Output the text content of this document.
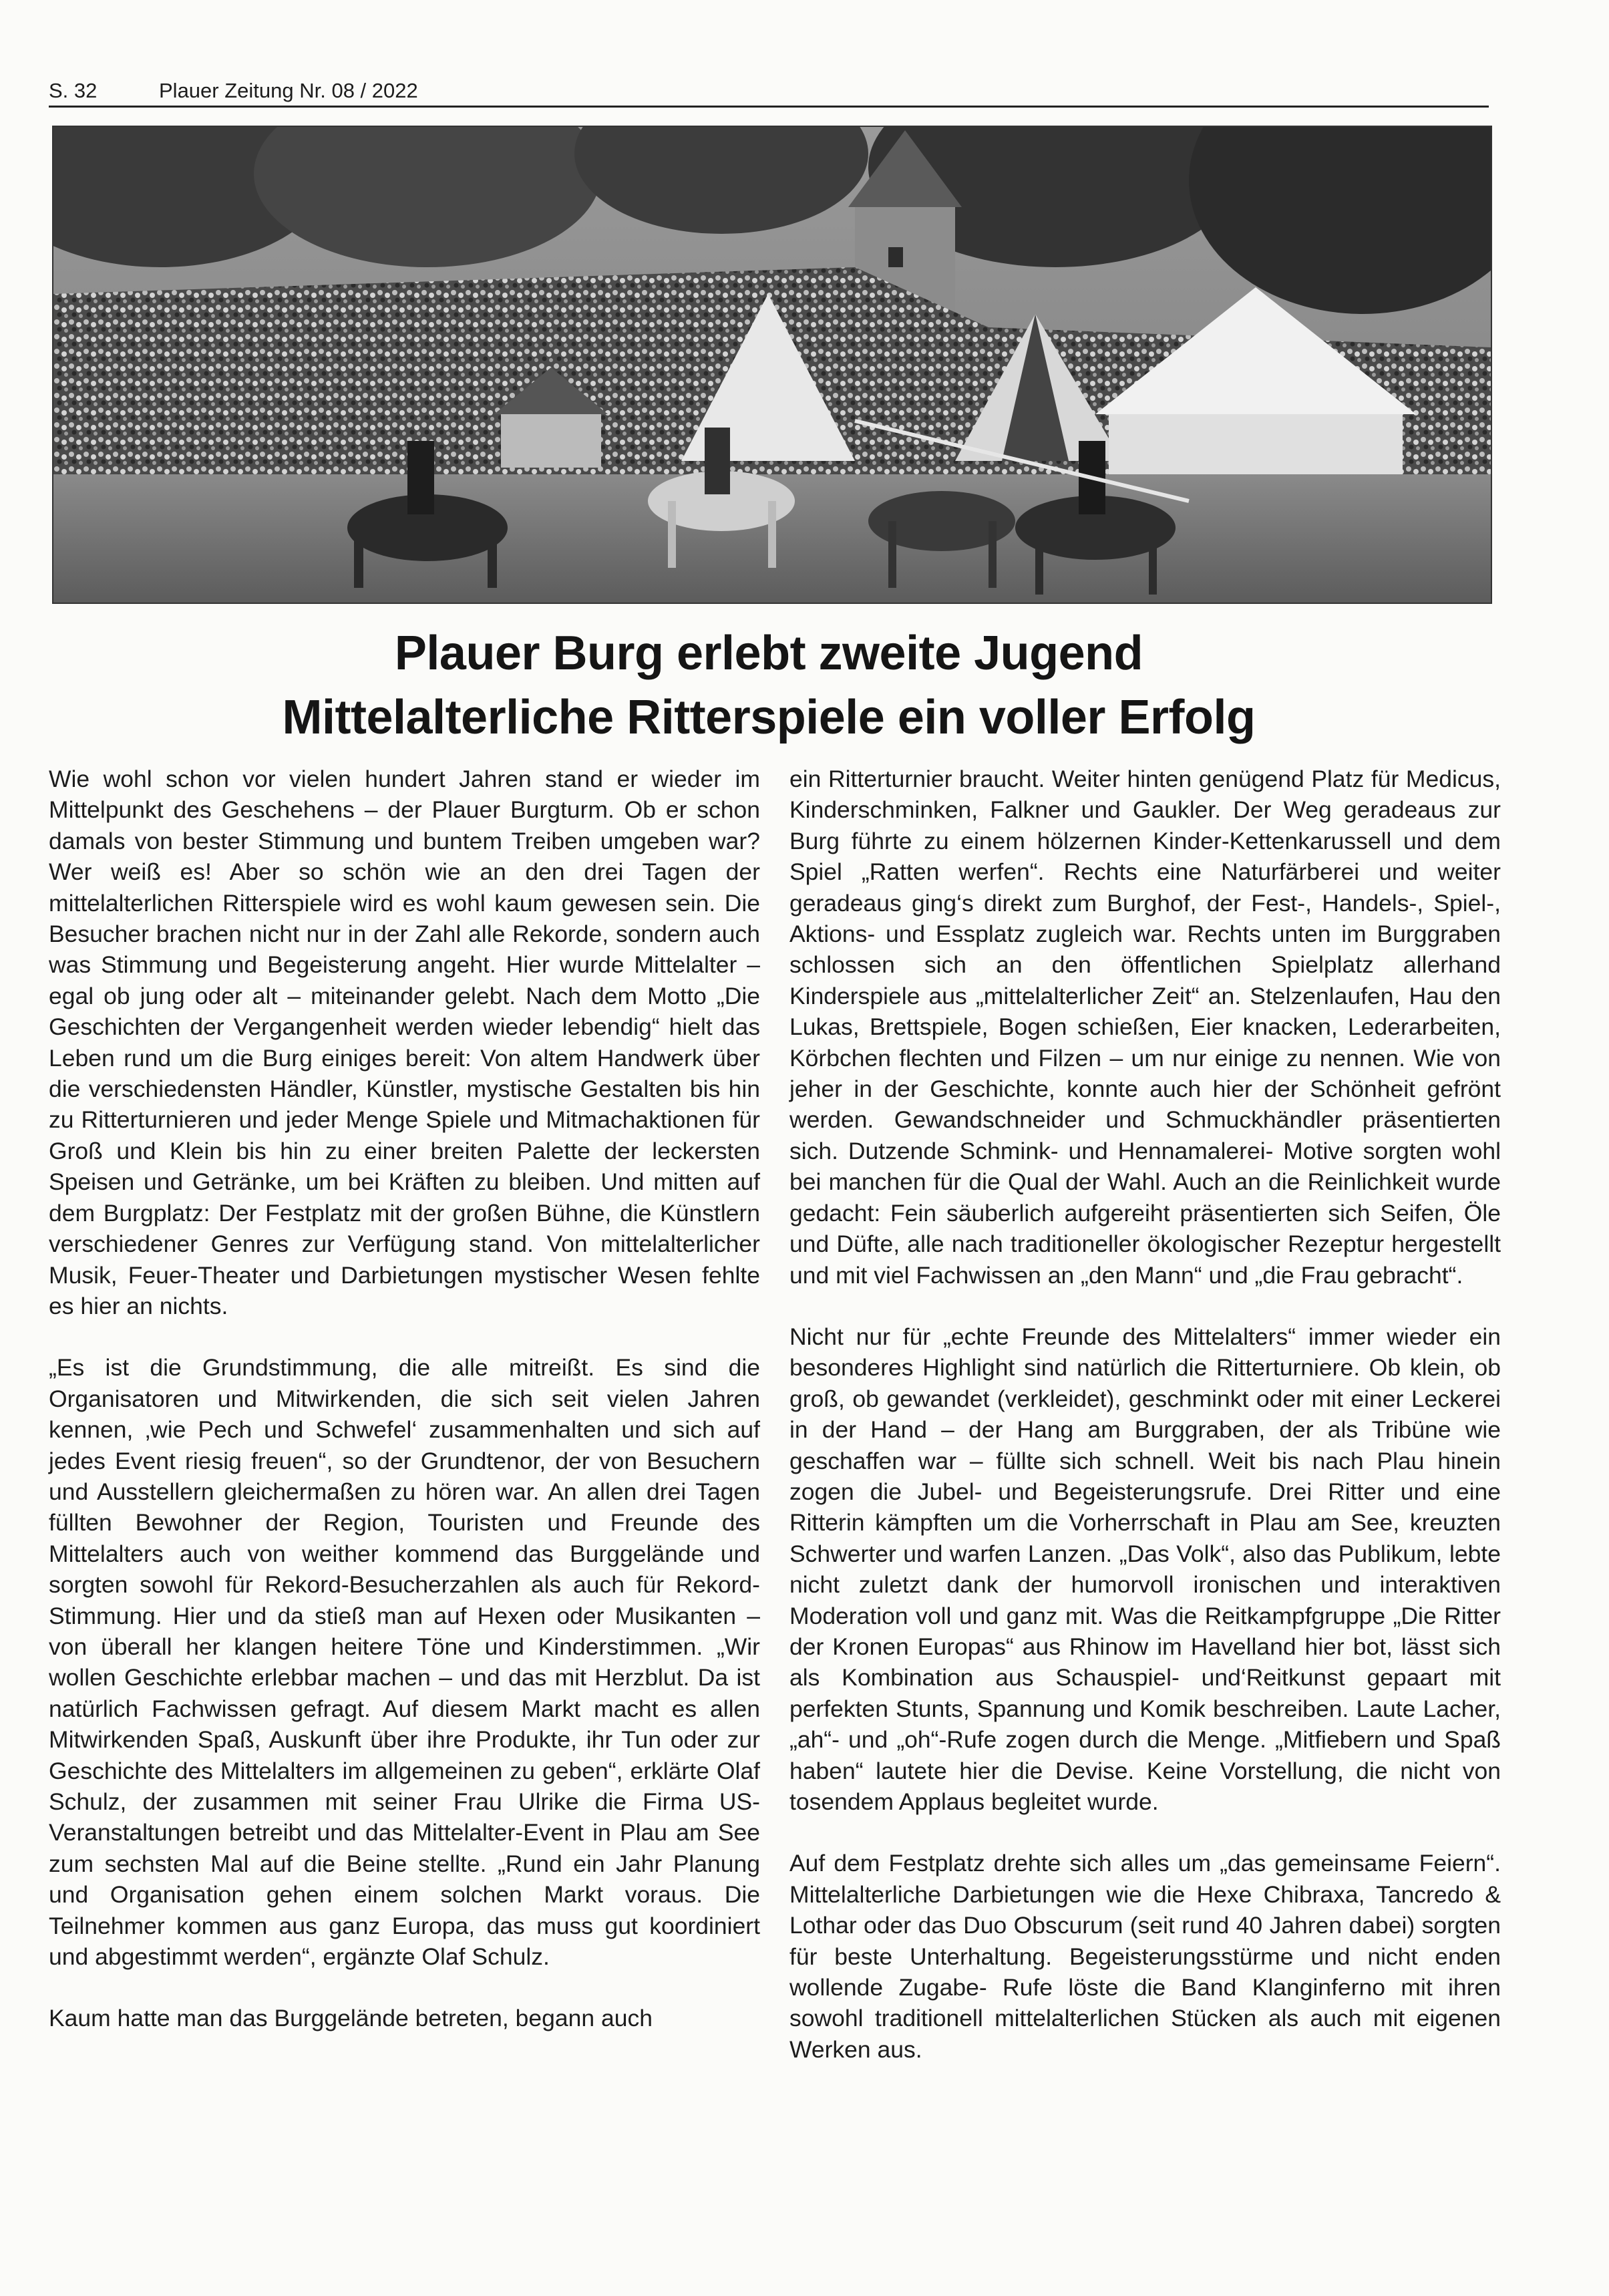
S. 32	Plauer Zeitung Nr. 08 / 2022
Plauer Burg erlebt zweite Jugend
Mittelalterliche Ritterspiele ein voller Erfolg

Wie wohl schon vor vielen hundert Jahren stand er wieder im Mittelpunkt des Geschehens – der Plauer Burgturm. Ob er schon damals von bester Stimmung und buntem Treiben umgeben war? Wer weiß es! Aber so schön wie an den drei Tagen der mittelalterlichen Ritterspiele wird es wohl kaum gewesen sein. Die Besucher brachen nicht nur in der Zahl alle Rekorde, sondern auch was Stimmung und Begeisterung angeht. Hier wurde Mittelalter – egal ob jung oder alt – miteinander gelebt. Nach dem Motto „Die Geschichten der Vergangenheit werden wieder lebendig“ hielt das Leben rund um die Burg einiges bereit: Von altem Handwerk über die verschiedensten Händler, Künstler, mystische Gestalten bis hin zu Ritterturnieren und jeder Menge Spiele und Mitmachaktionen für Groß und Klein bis hin zu einer breiten Palette der leckersten Speisen und Getränke, um bei Kräften zu bleiben. Und mitten auf dem Burgplatz: Der Festplatz mit der großen Bühne, die Künstlern verschiedener Genres zur Verfügung stand. Von mittelalterlicher Musik, Feuer-Theater und Darbietungen mystischer Wesen fehlte es hier an nichts.

„Es ist die Grundstimmung, die alle mitreißt. Es sind die Organisatoren und Mitwirkenden, die sich seit vielen Jahren kennen, ‚wie Pech und Schwefel‘ zusammenhalten und sich auf jedes Event riesig freuen“, so der Grundtenor, der von Besuchern und Ausstellern gleichermaßen zu hören war. An allen drei Tagen füllten Bewohner der Region, Touristen und Freunde des Mittelalters auch von weither kommend das Burggelände und sorgten sowohl für Rekord-Besucherzahlen als auch für Rekord-Stimmung. Hier und da stieß man auf Hexen oder Musikanten – von überall her klangen heitere Töne und Kinderstimmen. „Wir wollen Geschichte erlebbar machen – und das mit Herzblut. Da ist natürlich Fachwissen gefragt. Auf diesem Markt macht es allen Mitwirkenden Spaß, Auskunft über ihre Produkte, ihr Tun oder zur Geschichte des Mittelalters im allgemeinen zu geben“, erklärte Olaf Schulz, der zusammen mit seiner Frau Ulrike die Firma US-Veranstaltungen betreibt und das Mittelalter-Event in Plau am See zum sechsten Mal auf die Beine stellte. „Rund ein Jahr Planung und Organisation gehen einem solchen Markt voraus. Die Teilnehmer kommen aus ganz Europa, das muss gut koordiniert und abgestimmt werden“, ergänzte Olaf Schulz.

Kaum hatte man das Burggelände betreten, begann auch

ein Ritterturnier braucht. Weiter hinten genügend Platz für Medicus, Kinderschminken, Falkner und Gaukler. Der Weg geradeaus zur Burg führte zu einem hölzernen Kinder-Kettenkarussell und dem Spiel „Ratten werfen“. Rechts eine Naturfärberei und weiter geradeaus ging‘s direkt zum Burghof, der Fest-, Handels-, Spiel-, Aktions- und Essplatz zugleich war. Rechts unten im Burggraben schlossen sich an den öffentlichen Spielplatz allerhand Kinderspiele aus „mittelalterlicher Zeit“ an. Stelzenlaufen, Hau den Lukas, Brettspiele, Bogen schießen, Eier knacken, Lederarbeiten, Körbchen flechten und Filzen – um nur einige zu nennen. Wie von jeher in der Geschichte, konnte auch hier der Schönheit gefrönt werden. Gewandschneider und Schmuckhändler präsentierten sich. Dutzende Schmink- und Hennamalerei- Motive sorgten wohl bei manchen für die Qual der Wahl. Auch an die Reinlichkeit wurde gedacht: Fein säuberlich aufgereiht präsentierten sich Seifen, Öle und Düfte, alle nach traditioneller ökologischer Rezeptur hergestellt und mit viel Fachwissen an „den Mann“ und „die Frau gebracht“.

Nicht nur für „echte Freunde des Mittelalters“ immer wieder ein besonderes Highlight sind natürlich die Ritterturniere. Ob klein, ob groß, ob gewandet (verkleidet), geschminkt oder mit einer Leckerei in der Hand – der Hang am Burggraben, der als Tribüne wie geschaffen war – füllte sich schnell. Weit bis nach Plau hinein zogen die Jubel- und Begeisterungsrufe. Drei Ritter und eine Ritterin kämpften um die Vorherrschaft in Plau am See, kreuzten Schwerter und warfen Lanzen. „Das Volk“, also das Publikum, lebte nicht zuletzt dank der humorvoll ironischen und interaktiven Moderation voll und ganz mit. Was die Reitkampfgruppe „Die Ritter der Kronen Europas“ aus Rhinow im Havelland hier bot, lässt sich als Kombination aus Schauspiel- und‘Reitkunst gepaart mit perfekten Stunts, Spannung und Komik beschreiben. Laute Lacher, „ah“- und „oh“-Rufe zogen durch die Menge. „Mitfiebern und Spaß haben“ lautete hier die Devise. Keine Vorstellung, die nicht von tosendem Applaus begleitet wurde.

Auf dem Festplatz drehte sich alles um „das gemeinsame Feiern“. Mittelalterliche Darbietungen wie die Hexe Chibraxa, Tancredo & Lothar oder das Duo Obscurum (seit rund 40 Jahren dabei) sorgten für beste Unterhaltung. Begeisterungsstürme und nicht enden wollende Zugabe- Rufe löste die Band Klanginferno mit ihren sowohl traditionell mittelalterlichen Stücken als auch mit eigenen Werken aus.
